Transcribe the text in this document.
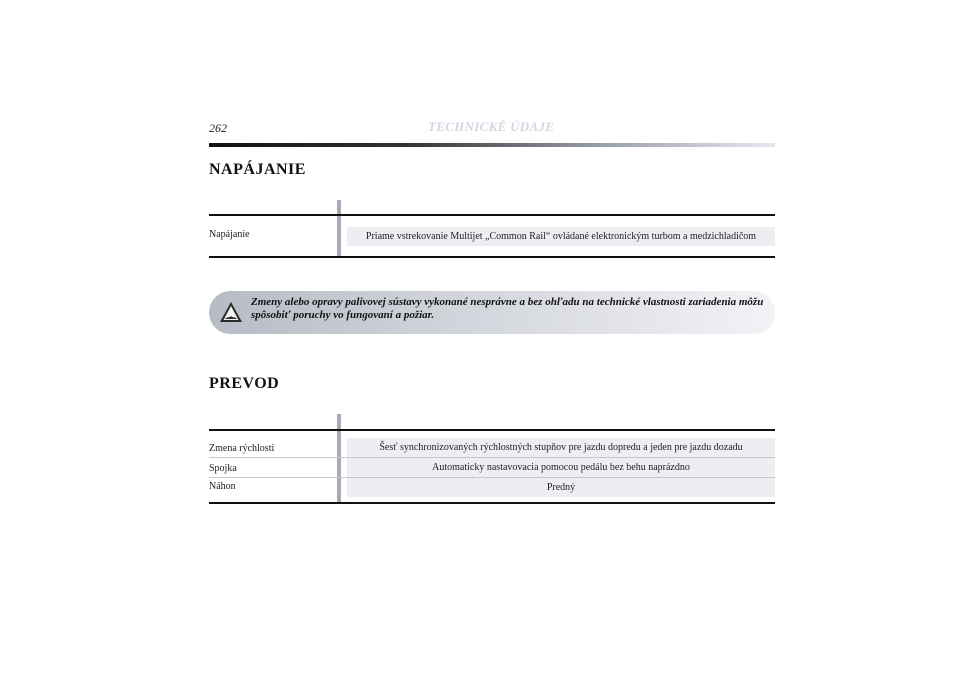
262	TECHNICKÉ ÚDAJE
NAPÁJANIE
Napájanie	Priame vstrekovanie Multijet „Common Rail“ ovládané elektronickým turbom a medzichladičom
Zmeny alebo opravy palivovej sústavy vykonané nesprávne a bez ohľadu na technické vlastnosti zariadenia môžu spôsobiť poruchy vo fungovaní a požiar.
PREVOD
Zmena rýchlosti	Šesť synchronizovaných rýchlostných stupňov pre jazdu dopredu a jeden pre jazdu dozadu
Spojka	Automaticky nastavovacia pomocou pedálu bez behu naprázdno
Náhon	Predný
